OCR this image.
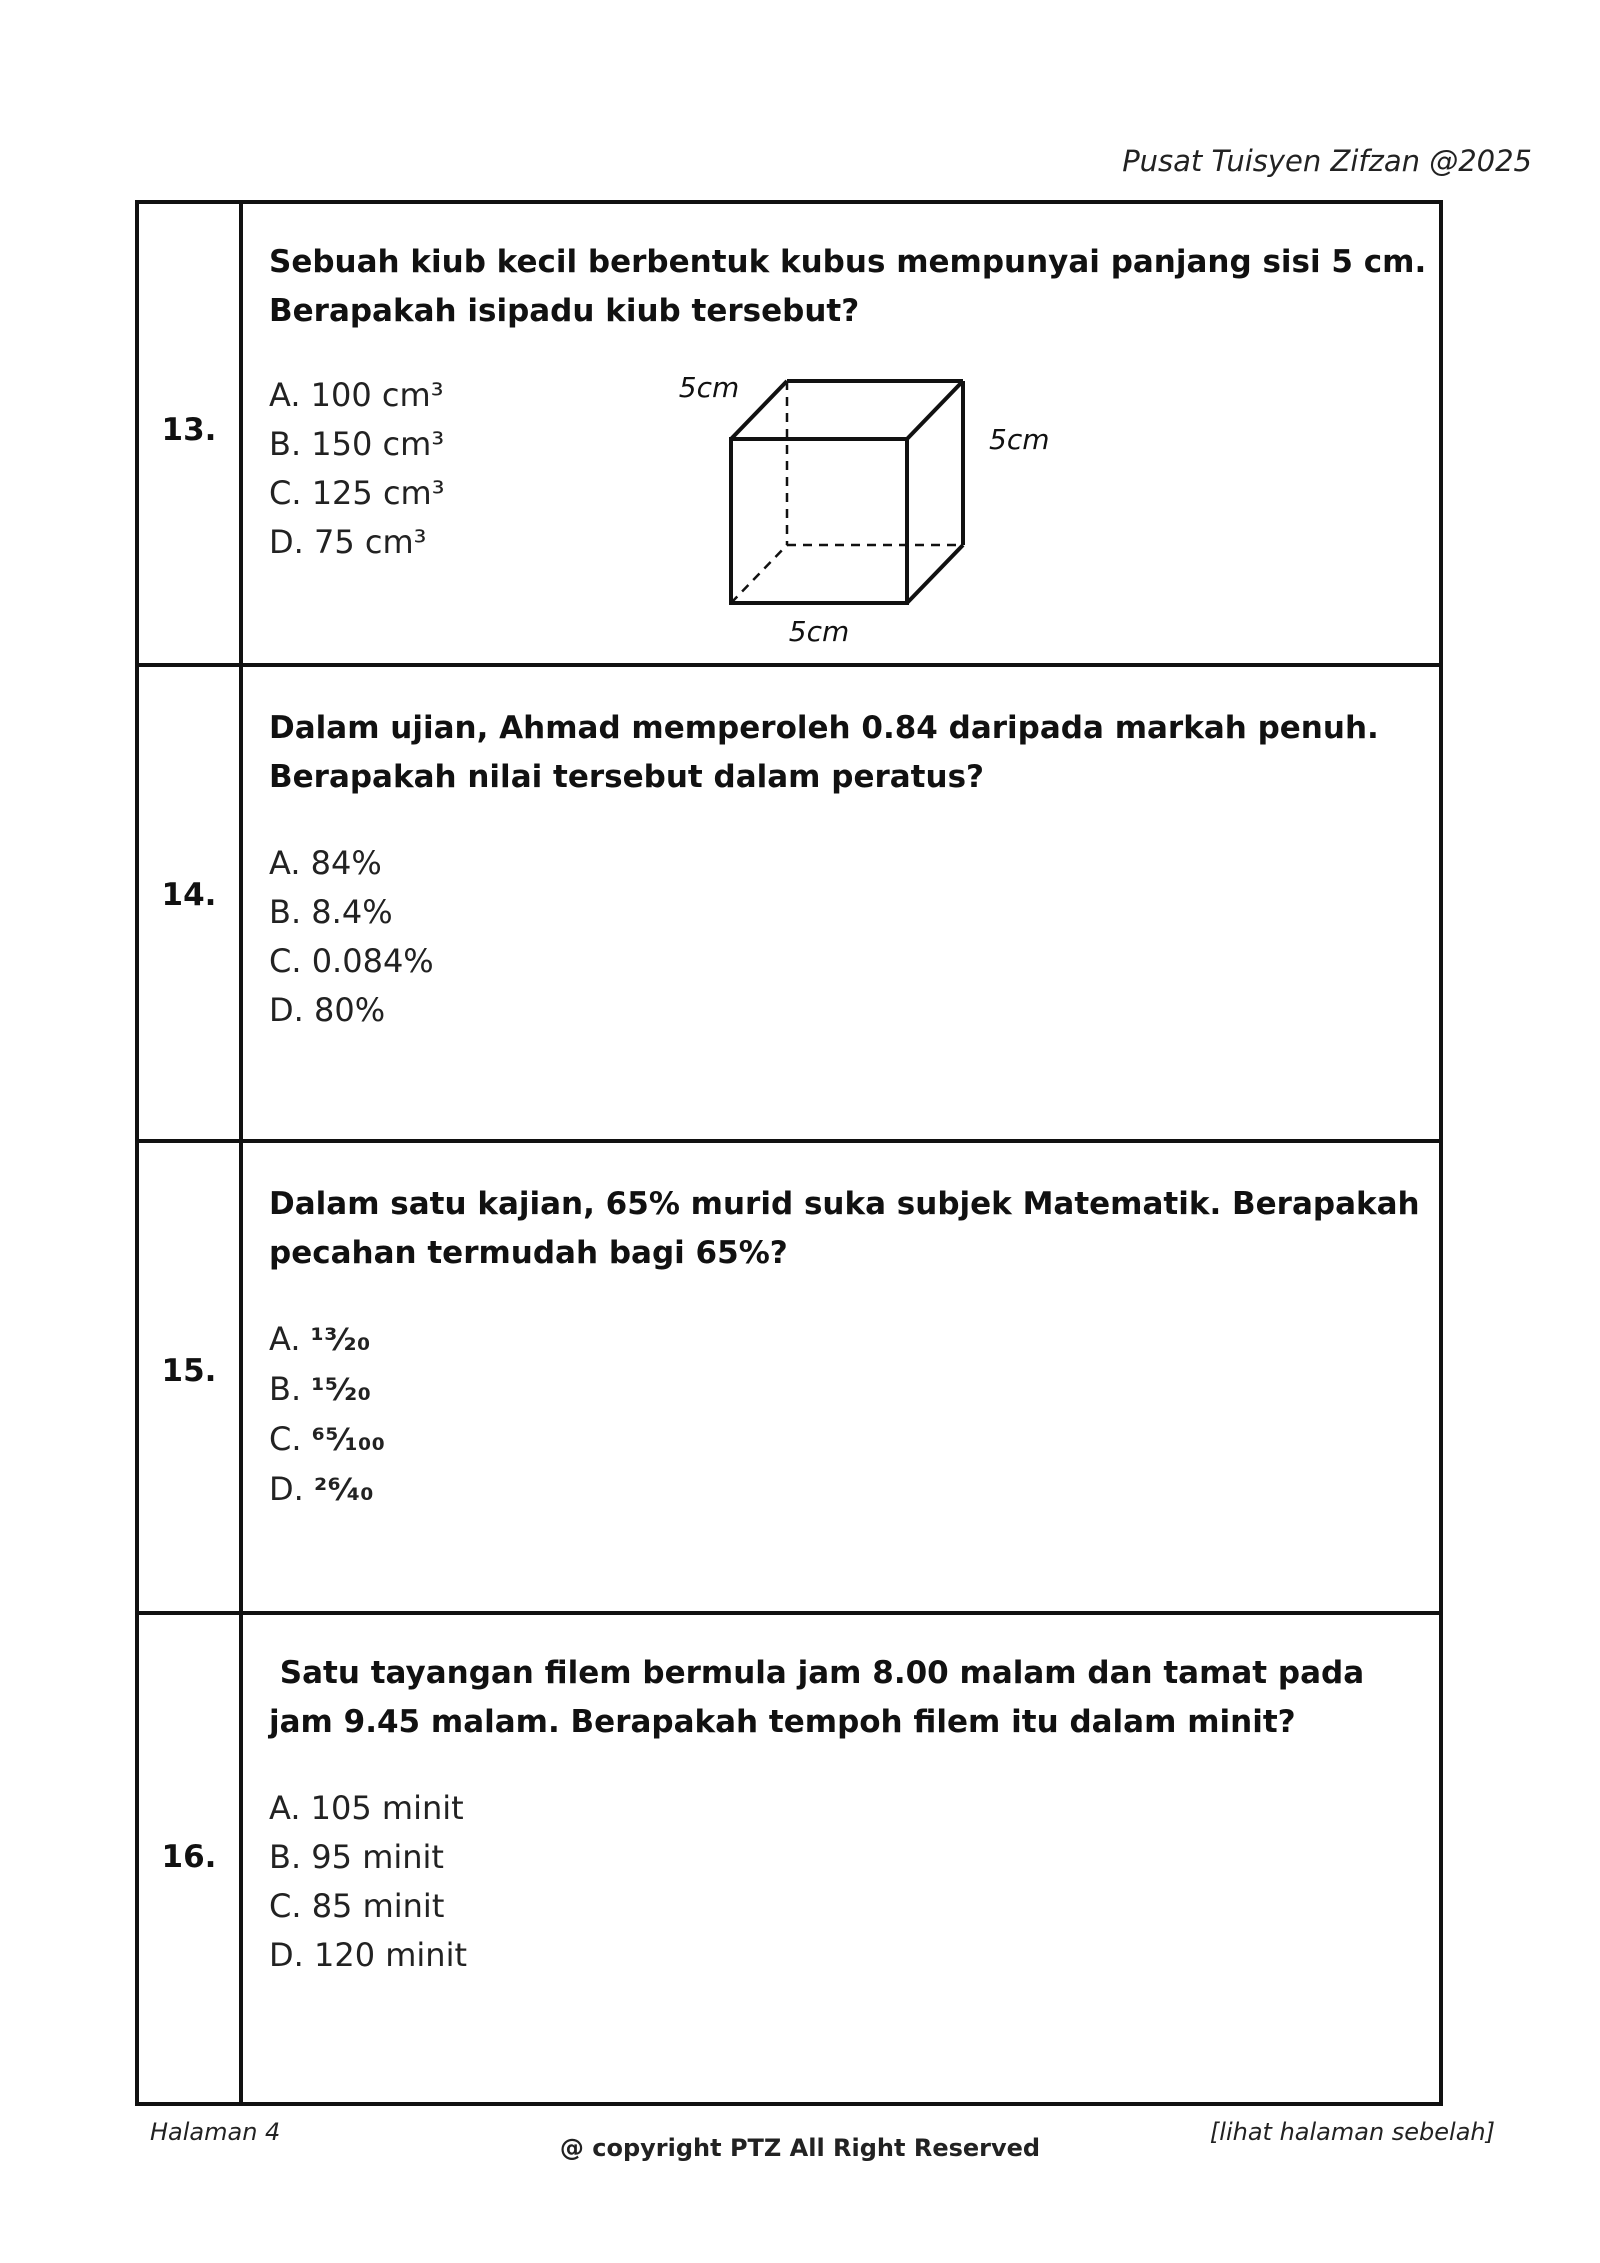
Pusat Tuisyen Zifzan @2025
13.

Sebuah kiub kecil berbentuk kubus mempunyai panjang sisi 5 cm.
Berapakah isipadu kiub tersebut?

A. 100 cm³
B. 150 cm³
C. 125 cm³
D. 75 cm³
5cm
5cm
5cm
14.

Dalam ujian, Ahmad memperoleh 0.84 daripada markah penuh.
Berapakah nilai tersebut dalam peratus?

A. 84%
B. 8.4%
C. 0.084%
D. 80%
15.

Dalam satu kajian, 65% murid suka subjek Matematik. Berapakah
pecahan termudah bagi 65%?

A. ¹³⁄₂₀
B. ¹⁵⁄₂₀
C. ⁶⁵⁄₁₀₀
D. ²⁶⁄₄₀
16.

Satu tayangan filem bermula jam 8.00 malam dan tamat pada
jam 9.45 malam. Berapakah tempoh filem itu dalam minit?

A. 105 minit
B. 95 minit
C. 85 minit
D. 120 minit
Halaman 4
@ copyright PTZ All Right Reserved
[lihat halaman sebelah]
